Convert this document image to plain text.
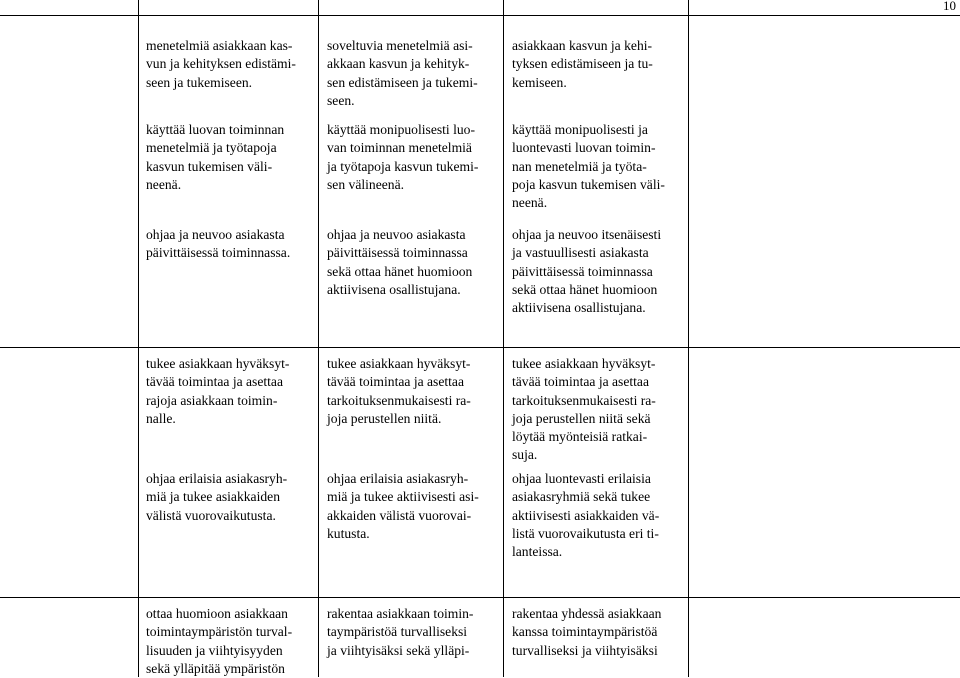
10

menetelmiä asiakkaan kas-
vun ja kehityksen edistämi-
seen ja tukemiseen.

soveltuvia menetelmiä asi-
akkaan kasvun ja kehityk-
sen edistämiseen ja tukemi-
seen.

asiakkaan kasvun ja kehi-
tyksen edistämiseen ja tu-
kemiseen.

käyttää luovan toiminnan
menetelmiä ja työtapoja
kasvun tukemisen väli-
neenä.

käyttää monipuolisesti luo-
van toiminnan menetelmiä
ja työtapoja kasvun tukemi-
sen välineenä.

käyttää monipuolisesti ja
luontevasti luovan toimin-
nan menetelmiä ja työta-
poja kasvun tukemisen väli-
neenä.

ohjaa ja neuvoo asiakasta
päivittäisessä toiminnassa.

ohjaa ja neuvoo asiakasta
päivittäisessä toiminnassa
sekä ottaa hänet huomioon
aktiivisena osallistujana.

ohjaa ja neuvoo itsenäisesti
ja vastuullisesti asiakasta
päivittäisessä toiminnassa
sekä ottaa hänet huomioon
aktiivisena osallistujana.

tukee asiakkaan hyväksyt-
tävää toimintaa ja asettaa
rajoja asiakkaan toimin-
nalle.

tukee asiakkaan hyväksyt-
tävää toimintaa ja asettaa
tarkoituksenmukaisesti ra-
joja perustellen niitä.

tukee asiakkaan hyväksyt-
tävää toimintaa ja asettaa
tarkoituksenmukaisesti ra-
joja perustellen niitä sekä
löytää myönteisiä ratkai-
suja.

ohjaa erilaisia asiakasryh-
miä ja tukee asiakkaiden
välistä vuorovaikutusta.

ohjaa erilaisia asiakasryh-
miä ja tukee aktiivisesti asi-
akkaiden välistä vuorovai-
kutusta.

ohjaa luontevasti erilaisia
asiakasryhmiä sekä tukee
aktiivisesti asiakkaiden vä-
listä vuorovaikutusta eri ti-
lanteissa.

ottaa huomioon asiakkaan
toimintaympäristön turval-
lisuuden ja viihtyisyyden
sekä ylläpitää ympäristön

rakentaa asiakkaan toimin-
taympäristöä turvalliseksi
ja viihtyisäksi sekä ylläpi-

rakentaa yhdessä asiakkaan
kanssa toimintaympäristöä
turvalliseksi ja viihtyisäksi
